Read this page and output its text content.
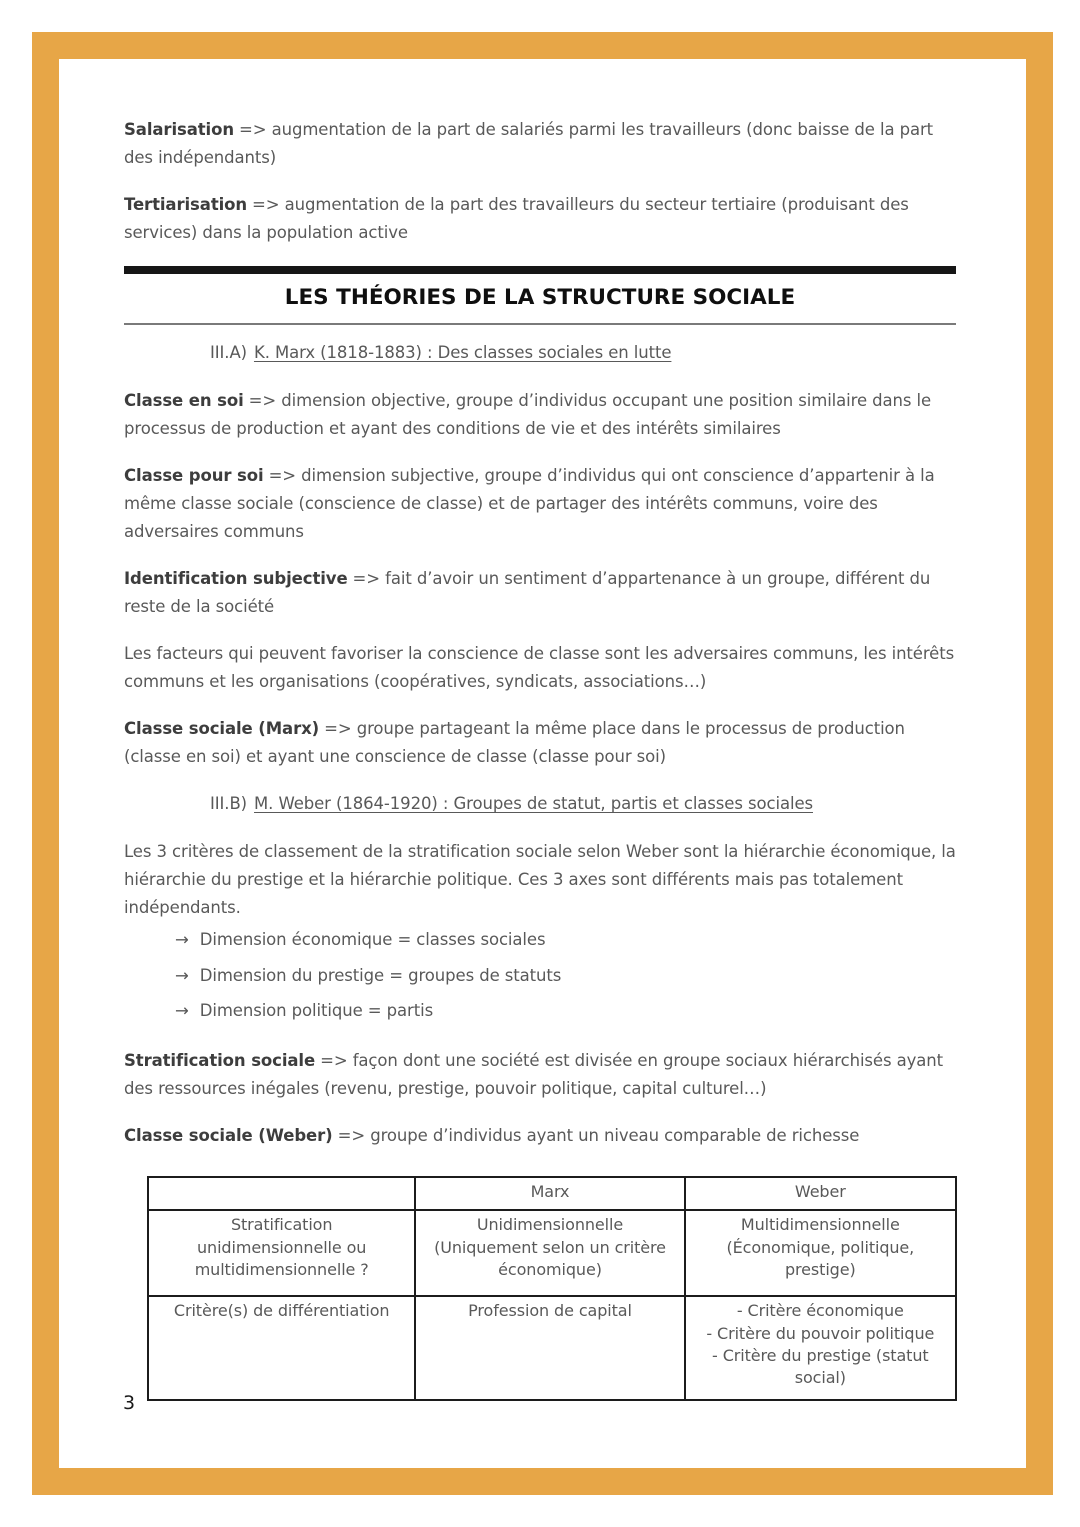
Salarisation => augmentation de la part de salariés parmi les travailleurs (donc baisse de la part des indépendants)

Tertiarisation => augmentation de la part des travailleurs du secteur tertiaire (produisant des services) dans la population active

LES THÉORIES DE LA STRUCTURE SOCIALE
III.A) K. Marx (1818-1883) : Des classes sociales en lutte

Classe en soi => dimension objective, groupe d’individus occupant une position similaire dans le processus de production et ayant des conditions de vie et des intérêts similaires

Classe pour soi => dimension subjective, groupe d’individus qui ont conscience d’appartenir à la même classe sociale (conscience de classe) et de partager des intérêts communs, voire des adversaires communs

Identification subjective => fait d’avoir un sentiment d’appartenance à un groupe, différent du reste de la société

Les facteurs qui peuvent favoriser la conscience de classe sont les adversaires communs, les intérêts communs et les organisations (coopératives, syndicats, associations…)

Classe sociale (Marx) => groupe partageant la même place dans le processus de production (classe en soi) et ayant une conscience de classe (classe pour soi)

III.B) M. Weber (1864-1920) : Groupes de statut, partis et classes sociales

Les 3 critères de classement de la stratification sociale selon Weber sont la hiérarchie économique, la hiérarchie du prestige et la hiérarchie politique. Ces 3 axes sont différents mais pas totalement indépendants.

→ Dimension économique = classes sociales
→ Dimension du prestige = groupes de statuts
→ Dimension politique = partis

Stratification sociale => façon dont une société est divisée en groupe sociaux hiérarchisés ayant des ressources inégales (revenu, prestige, pouvoir politique, capital culturel…)

Classe sociale (Weber) => groupe d’individus ayant un niveau comparable de richesse

	Marx	Weber
Stratification unidimensionnelle ou multidimensionnelle ?	Unidimensionnelle (Uniquement selon un critère économique)	Multidimensionnelle (Économique, politique, prestige)
Critère(s) de différentiation	Profession de capital	- Critère économique
- Critère du pouvoir politique
- Critère du prestige (statut social)
3
